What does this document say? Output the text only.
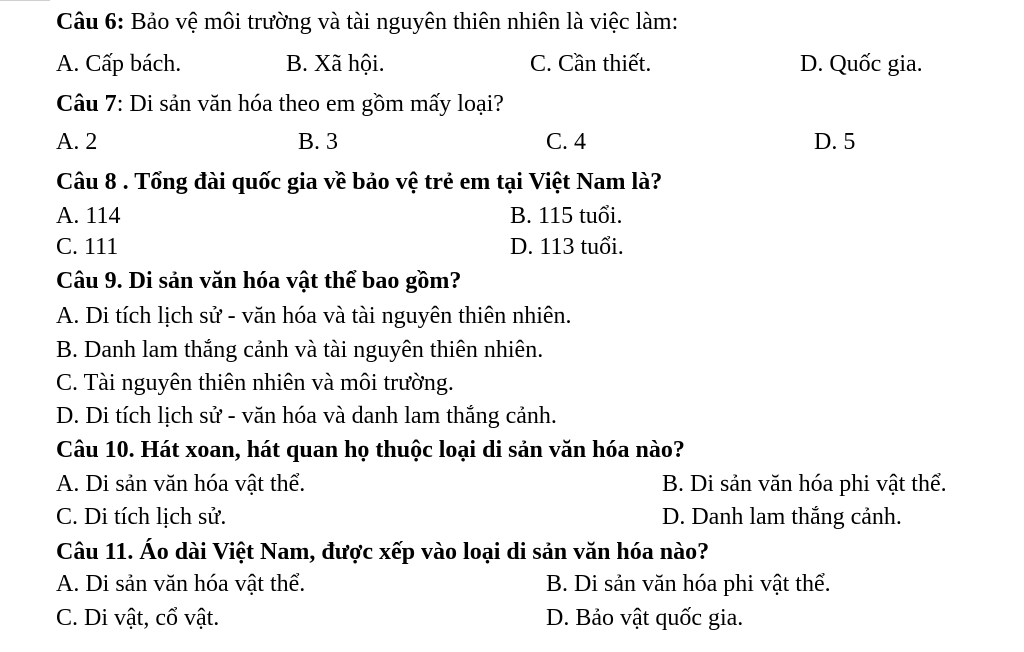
Câu 6: Bảo vệ môi trường và tài nguyên thiên nhiên là việc làm:
A. Cấp bách.	B. Xã hội.	C. Cần thiết.	D. Quốc gia.
Câu 7: Di sản văn hóa theo em gồm mấy loại?
A. 2	B. 3	C. 4	D. 5
Câu 8 . Tổng đài quốc gia về bảo vệ trẻ em tại Việt Nam là?
A. 114	B. 115 tuổi.
C. 111	D. 113 tuổi.
Câu 9. Di sản văn hóa vật thể bao gồm?
A. Di tích lịch sử - văn hóa và tài nguyên thiên nhiên.
B. Danh lam thắng cảnh và tài nguyên thiên nhiên.
C. Tài nguyên thiên nhiên và môi trường.
D. Di tích lịch sử - văn hóa và danh lam thắng cảnh.
Câu 10. Hát xoan, hát quan họ thuộc loại di sản văn hóa nào?
A. Di sản văn hóa vật thể.	B. Di sản văn hóa phi vật thể.
C. Di tích lịch sử.	D. Danh lam thắng cảnh.
Câu 11. Áo dài Việt Nam, được xếp vào loại di sản văn hóa nào?
A. Di sản văn hóa vật thể.	B. Di sản văn hóa phi vật thể.
C. Di vật, cổ vật.	D. Bảo vật quốc gia.
